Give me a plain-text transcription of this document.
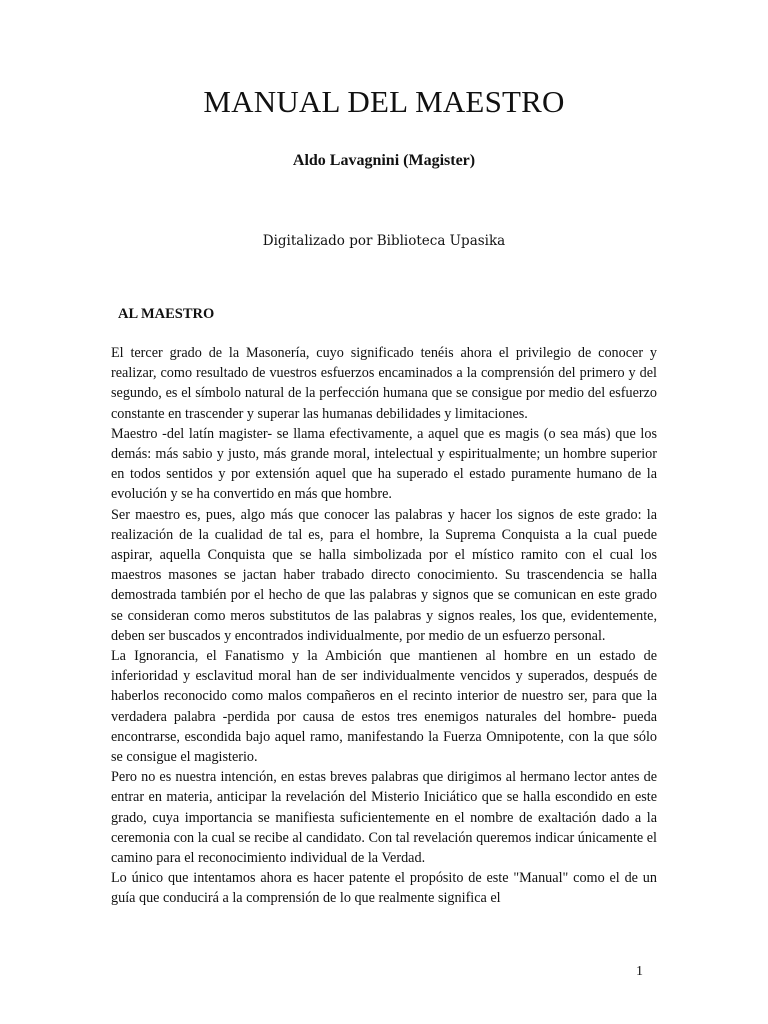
MANUAL DEL MAESTRO
Aldo Lavagnini (Magister)
Digitalizado por Biblioteca Upasika
AL MAESTRO

El tercer grado de la Masonería, cuyo significado tenéis ahora el privilegio de conocer y realizar, como resultado de vuestros esfuerzos encaminados a la comprensión del primero y del segundo, es el símbolo natural de la perfección humana que se consigue por medio del esfuerzo constante en trascender y superar las humanas debilidades y limitaciones.

Maestro -del latín magister- se llama efectivamente, a aquel que es magis (o sea más) que los demás: más sabio y justo, más grande moral, intelectual y espiritualmente; un hombre superior en todos sentidos y por extensión aquel que ha superado el estado puramente humano de la evolución y se ha convertido en más que hombre.

Ser maestro es, pues, algo más que conocer las palabras y hacer los signos de este grado: la realización de la cualidad de tal es, para el hombre, la Suprema Conquista a la cual puede aspirar, aquella Conquista que se halla simbolizada por el místico ramito con el cual los maestros masones se jactan haber trabado directo conocimiento. Su trascendencia se halla demostrada también por el hecho de que las palabras y signos que se comunican en este grado se consideran como meros substitutos de las palabras y signos reales, los que, evidentemente, deben ser buscados y encontrados individualmente, por medio de un esfuerzo personal.

La Ignorancia, el Fanatismo y la Ambición que mantienen al hombre en un estado de inferioridad y esclavitud moral han de ser individualmente vencidos y superados, después de haberlos reconocido como malos compañeros en el recinto interior de nuestro ser, para que la verdadera palabra -perdida por causa de estos tres enemigos naturales del hombre- pueda encontrarse, escondida bajo aquel ramo, manifestando la Fuerza Omnipotente, con la que sólo se consigue el magisterio.

Pero no es nuestra intención, en estas breves palabras que dirigimos al hermano lector antes de entrar en materia, anticipar la revelación del Misterio Iniciático que se halla escondido en este grado, cuya importancia se manifiesta suficientemente en el nombre de exaltación dado a la ceremonia con la cual se recibe al candidato. Con tal revelación queremos indicar únicamente el camino para el reconocimiento individual de la Verdad.

Lo único que intentamos ahora es hacer patente el propósito de este "Manual" como el de un guía que conducirá a la comprensión de lo que realmente significa el

1
